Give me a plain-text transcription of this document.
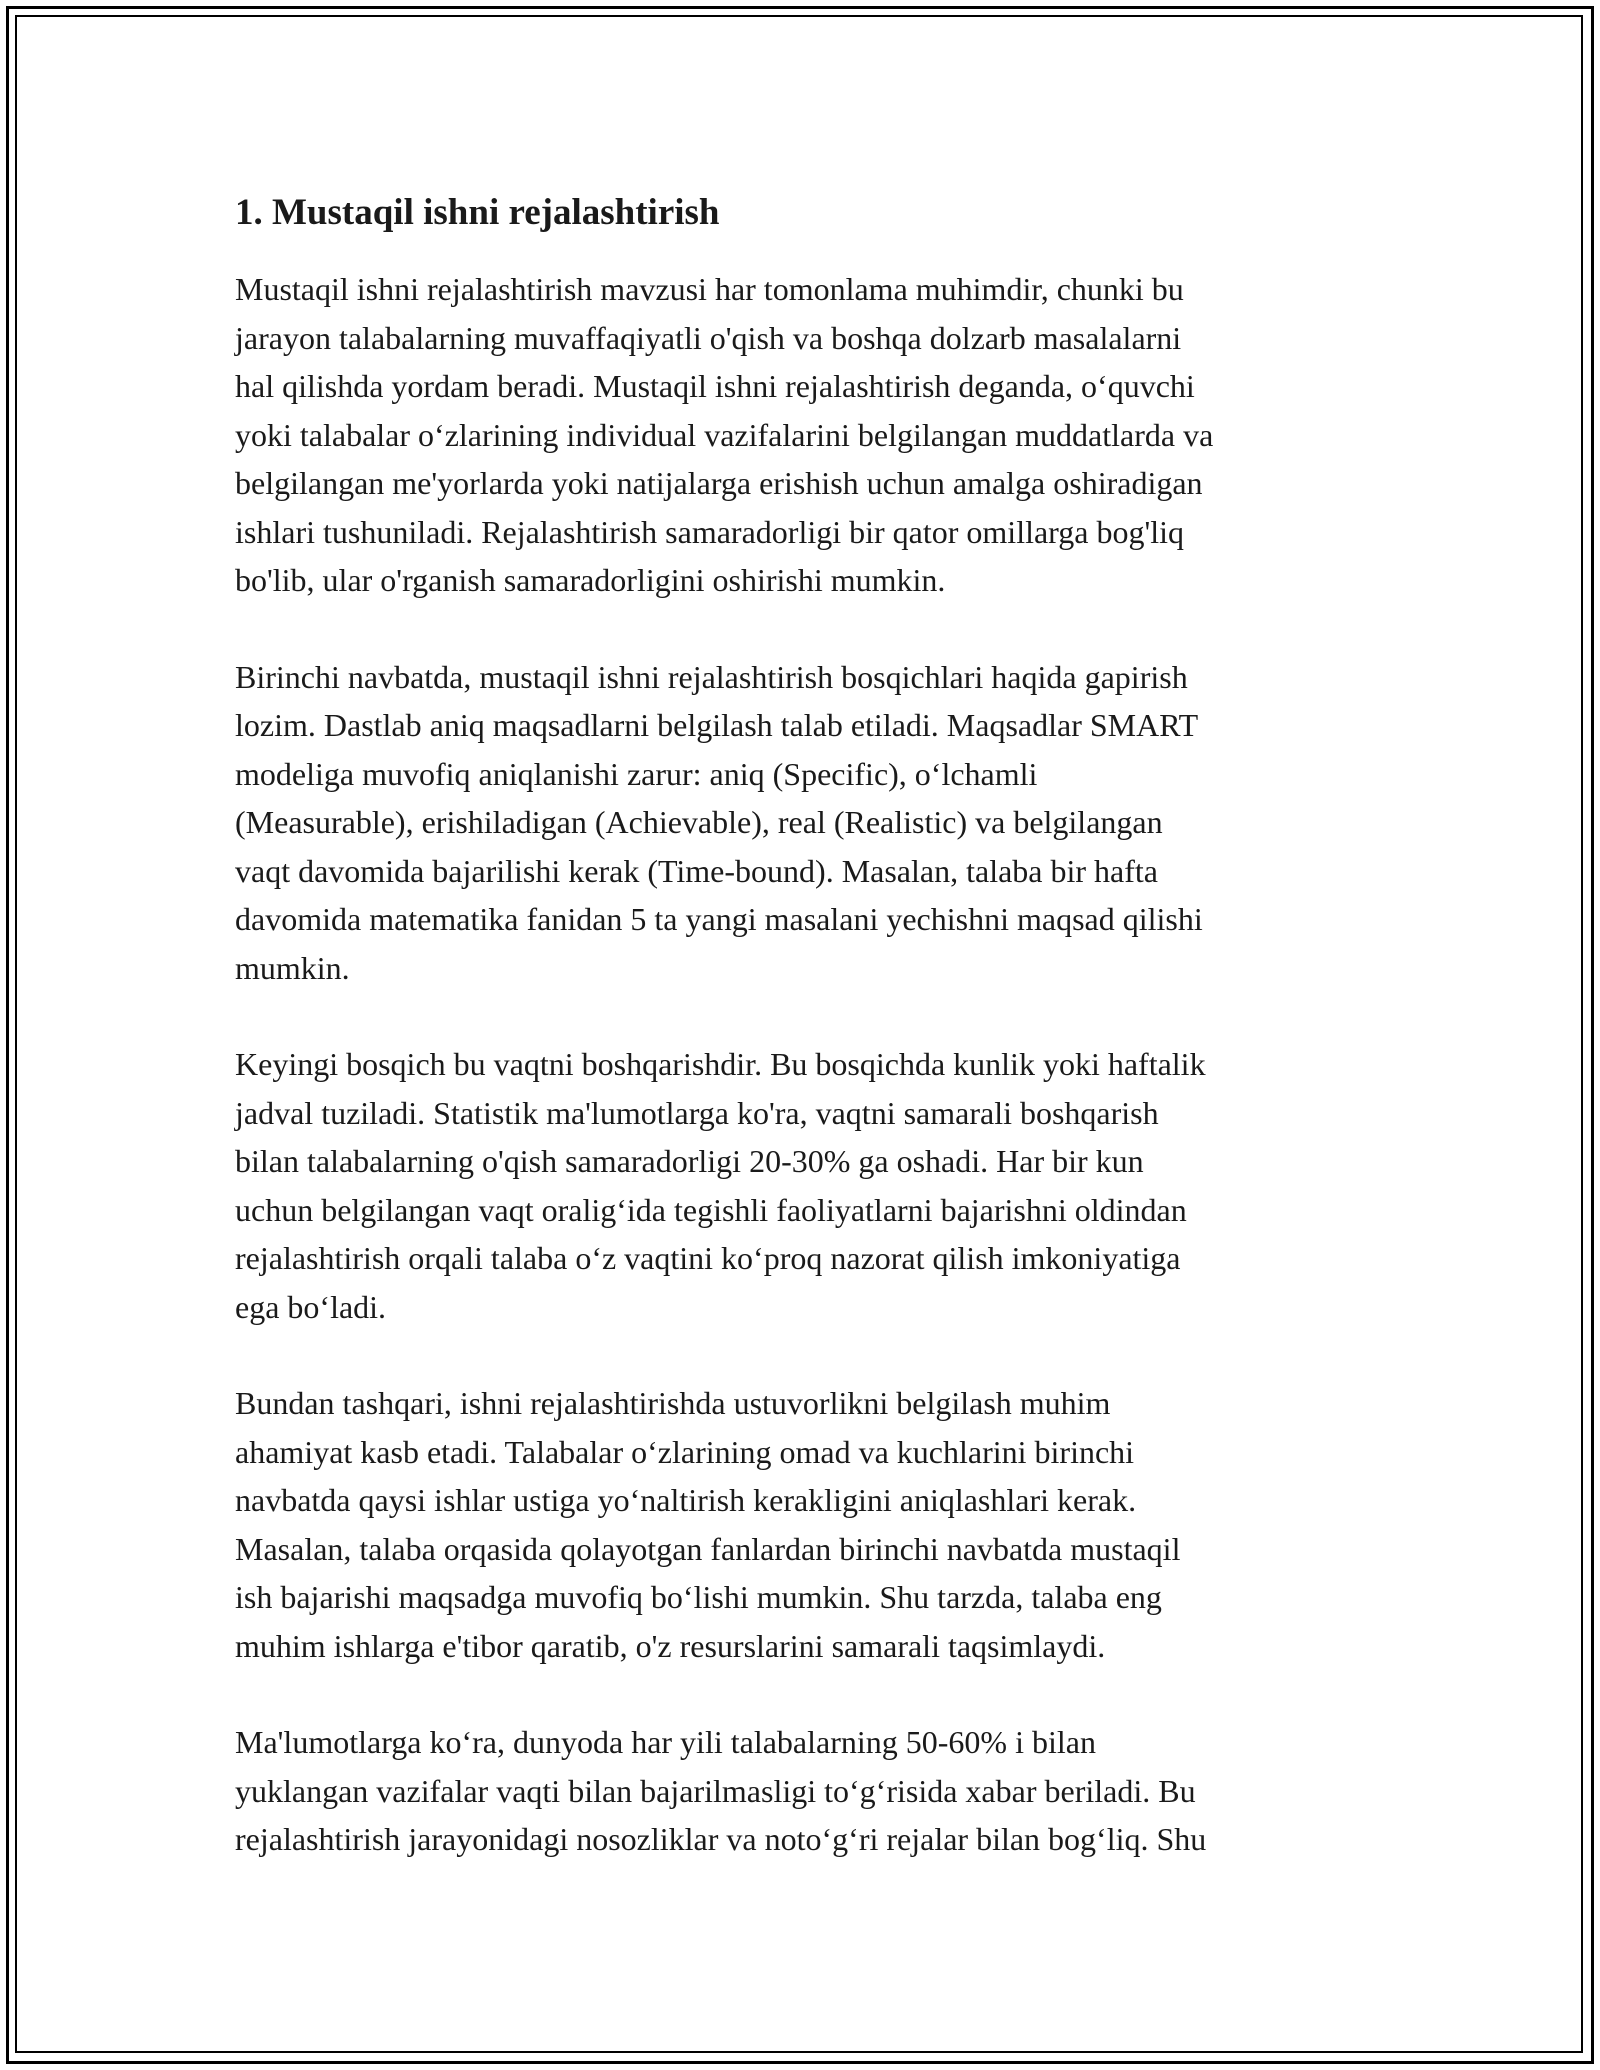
1. Mustaqil ishni rejalashtirish

Mustaqil ishni rejalashtirish mavzusi har tomonlama muhimdir, chunki bu
jarayon talabalarning muvaffaqiyatli o'qish va boshqa dolzarb masalalarni
hal qilishda yordam beradi. Mustaqil ishni rejalashtirish deganda, o‘quvchi
yoki talabalar o‘zlarining individual vazifalarini belgilangan muddatlarda va
belgilangan me'yorlarda yoki natijalarga erishish uchun amalga oshiradigan
ishlari tushuniladi. Rejalashtirish samaradorligi bir qator omillarga bog'liq
bo'lib, ular o'rganish samaradorligini oshirishi mumkin.

Birinchi navbatda, mustaqil ishni rejalashtirish bosqichlari haqida gapirish
lozim. Dastlab aniq maqsadlarni belgilash talab etiladi. Maqsadlar SMART
modeliga muvofiq aniqlanishi zarur: aniq (Specific), o‘lchamli
(Measurable), erishiladigan (Achievable), real (Realistic) va belgilangan
vaqt davomida bajarilishi kerak (Time-bound). Masalan, talaba bir hafta
davomida matematika fanidan 5 ta yangi masalani yechishni maqsad qilishi
mumkin.

Keyingi bosqich bu vaqtni boshqarishdir. Bu bosqichda kunlik yoki haftalik
jadval tuziladi. Statistik ma'lumotlarga ko'ra, vaqtni samarali boshqarish
bilan talabalarning o'qish samaradorligi 20-30% ga oshadi. Har bir kun
uchun belgilangan vaqt oralig‘ida tegishli faoliyatlarni bajarishni oldindan
rejalashtirish orqali talaba o‘z vaqtini ko‘proq nazorat qilish imkoniyatiga
ega bo‘ladi.

Bundan tashqari, ishni rejalashtirishda ustuvorlikni belgilash muhim
ahamiyat kasb etadi. Talabalar o‘zlarining omad va kuchlarini birinchi
navbatda qaysi ishlar ustiga yo‘naltirish kerakligini aniqlashlari kerak.
Masalan, talaba orqasida qolayotgan fanlardan birinchi navbatda mustaqil
ish bajarishi maqsadga muvofiq bo‘lishi mumkin. Shu tarzda, talaba eng
muhim ishlarga e'tibor qaratib, o'z resurslarini samarali taqsimlaydi.

Ma'lumotlarga ko‘ra, dunyoda har yili talabalarning 50-60% i bilan
yuklangan vazifalar vaqti bilan bajarilmasligi to‘g‘risida xabar beriladi. Bu
rejalashtirish jarayonidagi nosozliklar va noto‘g‘ri rejalar bilan bog‘liq. Shu
